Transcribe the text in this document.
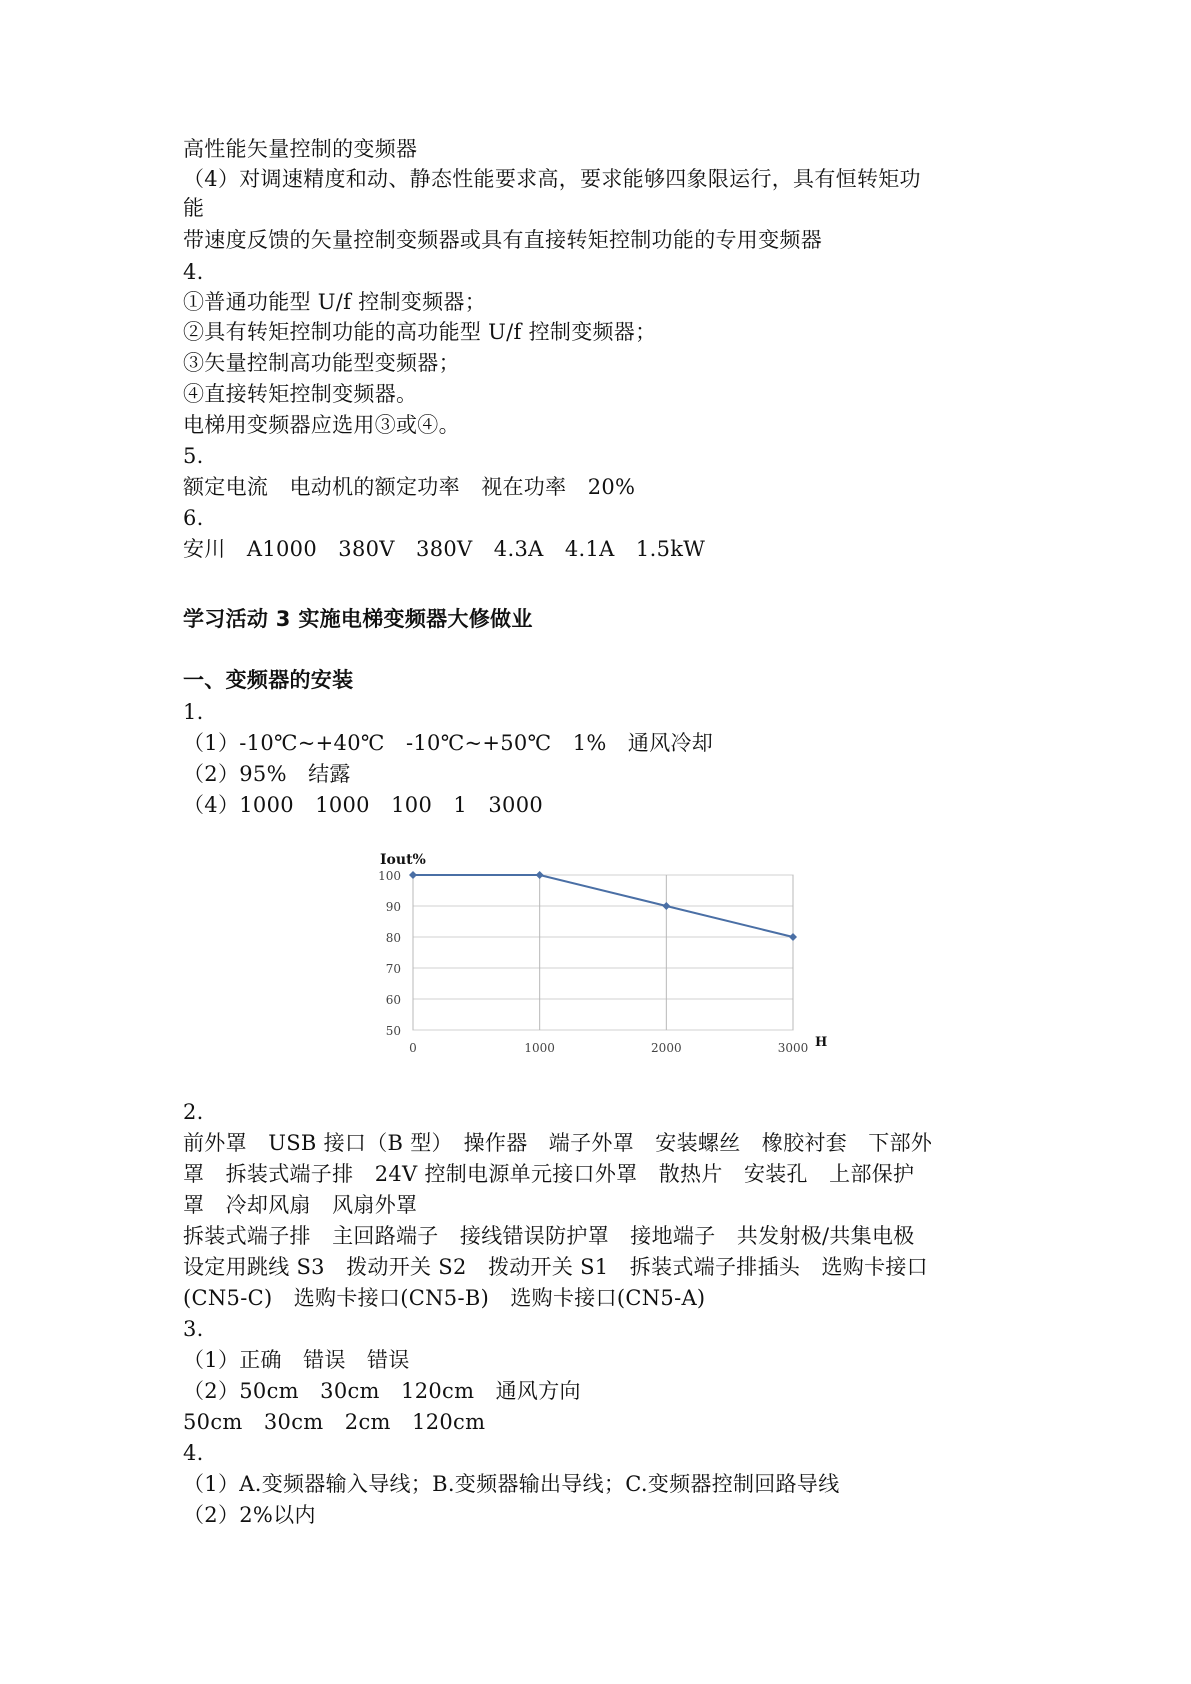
高性能矢量控制的变频器
（4）对调速精度和动、静态性能要求高，要求能够四象限运行，具有恒转矩功
能
带速度反馈的矢量控制变频器或具有直接转矩控制功能的专用变频器
4.
①普通功能型 U/f 控制变频器；
②具有转矩控制功能的高功能型 U/f 控制变频器；
③矢量控制高功能型变频器；
④直接转矩控制变频器。
电梯用变频器应选用③或④。
5.
额定电流　电动机的额定功率　视在功率　20%
6.
安川　A1000　380V　380V　4.3A　4.1A　1.5kW
学习活动 3 实施电梯变频器大修做业
一、变频器的安装
1.
（1）-10℃~+40℃　-10℃~+50℃　1%　通风冷却
（2）95%　结露
（4）1000　1000　100　1　3000
Iout%
H
50
60
70
80
90
100
0	1000	2000	3000
2.
前外罩　USB 接口（B 型）　操作器　端子外罩　安装螺丝　橡胶衬套　下部外
罩　拆装式端子排　24V 控制电源单元接口外罩　散热片　安装孔　上部保护
罩　冷却风扇　风扇外罩
拆装式端子排　主回路端子　接线错误防护罩　接地端子　共发射极/共集电极
设定用跳线 S3　拨动开关 S2　拨动开关 S1　拆装式端子排插头　选购卡接口
(CN5-C)　选购卡接口(CN5-B)　选购卡接口(CN5-A)
3.
（1）正确　错误　错误
（2）50cm　30cm　120cm　通风方向
50cm　30cm　2cm　120cm
4.
（1）A.变频器输入导线；B.变频器输出导线；C.变频器控制回路导线
（2）2%以内
